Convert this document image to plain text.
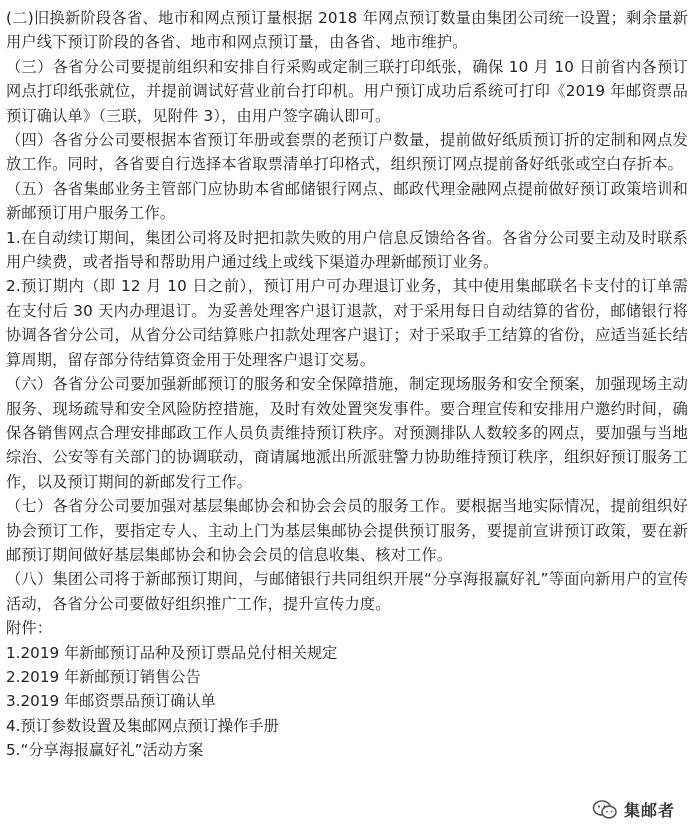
(二)旧换新阶段各省、地市和网点预订量根据 2018 年网点预订数量由集团公司统一设置；剩余量新用户线下预订阶段的各省、地市和网点预订量，由各省、地市维护。

（三）各省分公司要提前组织和安排自行采购或定制三联打印纸张，确保 10 月 10 日前省内各预订网点打印纸张就位，并提前调试好营业前台打印机。用户预订成功后系统可打印《2019 年邮资票品预订确认单》（三联，见附件 3），由用户签字确认即可。

（四）各省分公司要根据本省预订年册或套票的老预订户数量，提前做好纸质预订折的定制和网点发放工作。同时，各省要自行选择本省取票清单打印格式，组织预订网点提前备好纸张或空白存折本。

（五）各省集邮业务主管部门应协助本省邮储银行网点、邮政代理金融网点提前做好预订政策培训和新邮预订用户服务工作。

1.在自动续订期间，集团公司将及时把扣款失败的用户信息反馈给各省。各省分公司要主动及时联系用户续费，或者指导和帮助用户通过线上或线下渠道办理新邮预订业务。

2.预订期内（即 12 月 10 日之前），预订用户可办理退订业务，其中使用集邮联名卡支付的订单需在支付后 30 天内办理退订。为妥善处理客户退订退款，对于采用每日自动结算的省份，邮储银行将协调各省分公司，从省分公司结算账户扣款处理客户退订；对于采取手工结算的省份，应适当延长结算周期，留存部分待结算资金用于处理客户退订交易。

（六）各省分公司要加强新邮预订的服务和安全保障措施，制定现场服务和安全预案，加强现场主动服务、现场疏导和安全风险防控措施，及时有效处置突发事件。要合理宣传和安排用户邀约时间，确保各销售网点合理安排邮政工作人员负责维持预订秩序。对预测排队人数较多的网点，要加强与当地综治、公安等有关部门的协调联动，商请属地派出所派驻警力协助维持预订秩序，组织好预订服务工作，以及预订期间的新邮发行工作。

（七）各省分公司要加强对基层集邮协会和协会会员的服务工作。要根据当地实际情况，提前组织好协会预订工作，要指定专人、主动上门为基层集邮协会提供预订服务，要提前宣讲预订政策，要在新邮预订期间做好基层集邮协会和协会会员的信息收集、核对工作。

（八）集团公司将于新邮预订期间，与邮储银行共同组织开展“分享海报赢好礼”等面向新用户的宣传活动，各省分公司要做好组织推广工作，提升宣传力度。

附件：

1.2019 年新邮预订品种及预订票品兑付相关规定

2.2019 年新邮预订销售公告

3.2019 年邮资票品预订确认单

4.预订参数设置及集邮网点预订操作手册

5.“分享海报赢好礼”活动方案

集邮者
